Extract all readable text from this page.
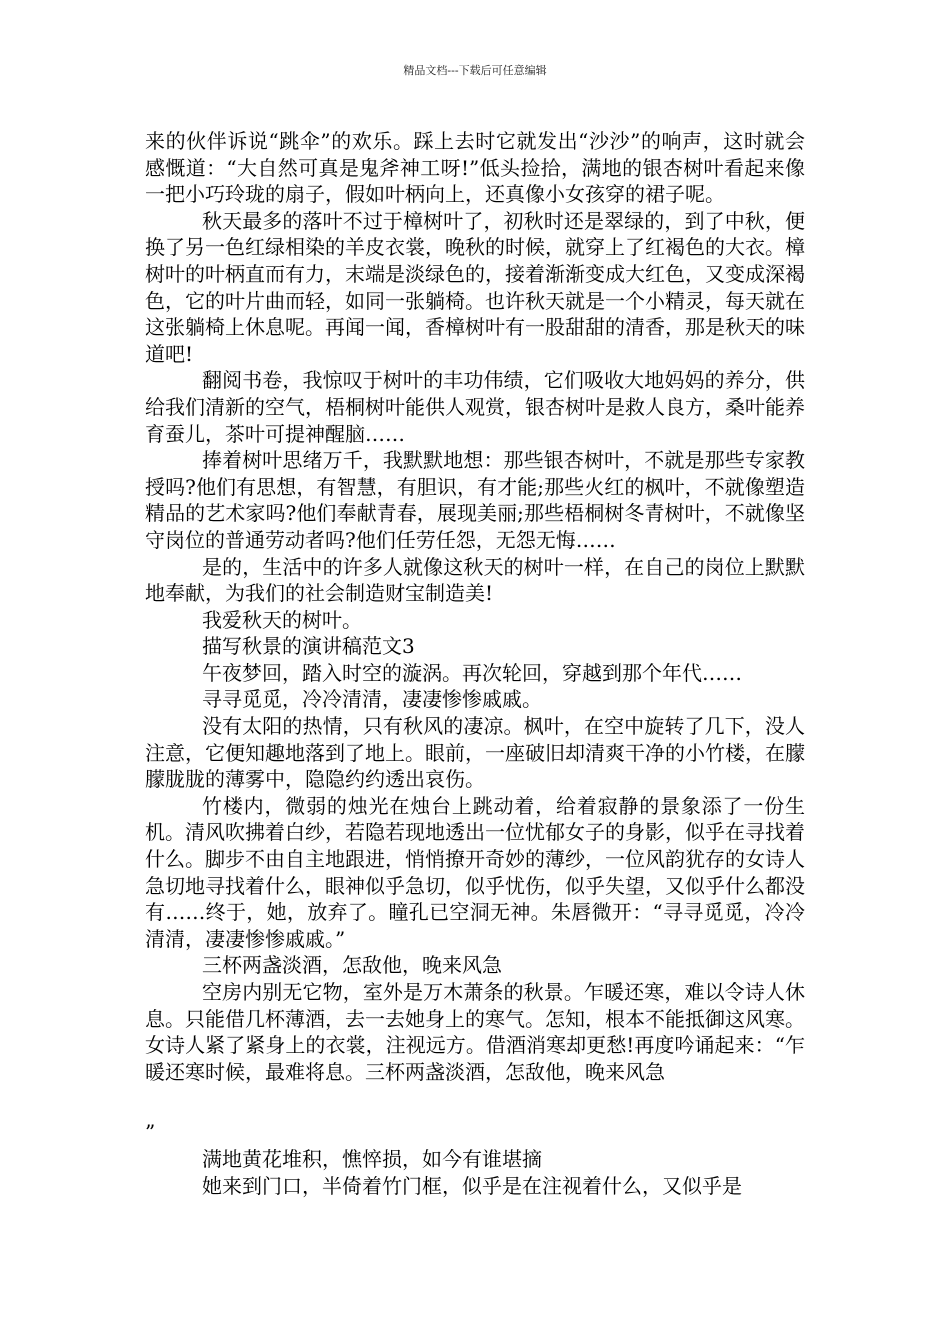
精品文档---下载后可任意编辑

来的伙伴诉说“跳伞”的欢乐。踩上去时它就发出“沙沙”的响声，这时就会感慨道：“大自然可真是鬼斧神工呀!”低头捡拾，满地的银杏树叶看起来像一把小巧玲珑的扇子，假如叶柄向上，还真像小女孩穿的裙子呢。

秋天最多的落叶不过于樟树叶了，初秋时还是翠绿的，到了中秋，便换了另一色红绿相染的羊皮衣裳，晚秋的时候，就穿上了红褐色的大衣。樟树叶的叶柄直而有力，末端是淡绿色的，接着渐渐变成大红色，又变成深褐色，它的叶片曲而轻，如同一张躺椅。也许秋天就是一个小精灵，每天就在这张躺椅上休息呢。再闻一闻，香樟树叶有一股甜甜的清香，那是秋天的味道吧!

翻阅书卷，我惊叹于树叶的丰功伟绩，它们吸收大地妈妈的养分，供给我们清新的空气，梧桐树叶能供人观赏，银杏树叶是救人良方，桑叶能养育蚕儿，茶叶可提神醒脑……

捧着树叶思绪万千，我默默地想：那些银杏树叶，不就是那些专家教授吗?他们有思想，有智慧，有胆识，有才能;那些火红的枫叶，不就像塑造精品的艺术家吗?他们奉献青春，展现美丽;那些梧桐树冬青树叶，不就像坚守岗位的普通劳动者吗?他们任劳任怨，无怨无悔……

是的，生活中的许多人就像这秋天的树叶一样，在自己的岗位上默默地奉献，为我们的社会制造财宝制造美!

我爱秋天的树叶。

描写秋景的演讲稿范文3

午夜梦回，踏入时空的漩涡。再次轮回，穿越到那个年代……

寻寻觅觅，冷冷清清，凄凄惨惨戚戚。

没有太阳的热情，只有秋风的凄凉。枫叶，在空中旋转了几下，没人注意，它便知趣地落到了地上。眼前，一座破旧却清爽干净的小竹楼，在朦朦胧胧的薄雾中，隐隐约约透出哀伤。

竹楼内，微弱的烛光在烛台上跳动着，给着寂静的景象添了一份生机。清风吹拂着白纱，若隐若现地透出一位忧郁女子的身影，似乎在寻找着什么。脚步不由自主地跟进，悄悄撩开奇妙的薄纱，一位风韵犹存的女诗人急切地寻找着什么，眼神似乎急切，似乎忧伤，似乎失望，又似乎什么都没有……终于，她，放弃了。瞳孔已空洞无神。朱唇微开：“寻寻觅觅，冷冷清清，凄凄惨惨戚戚。”

三杯两盏淡酒，怎敌他，晚来风急

空房内别无它物，室外是万木萧条的秋景。乍暖还寒，难以令诗人休息。只能借几杯薄酒，去一去她身上的寒气。怎知，根本不能抵御这风寒。女诗人紧了紧身上的衣裳，注视远方。借酒消寒却更愁!再度吟诵起来：“乍暖还寒时候，最难将息。三杯两盏淡酒，怎敌他，晚来风急

”

满地黄花堆积，憔悴损，如今有谁堪摘

她来到门口，半倚着竹门框，似乎是在注视着什么，又似乎是
